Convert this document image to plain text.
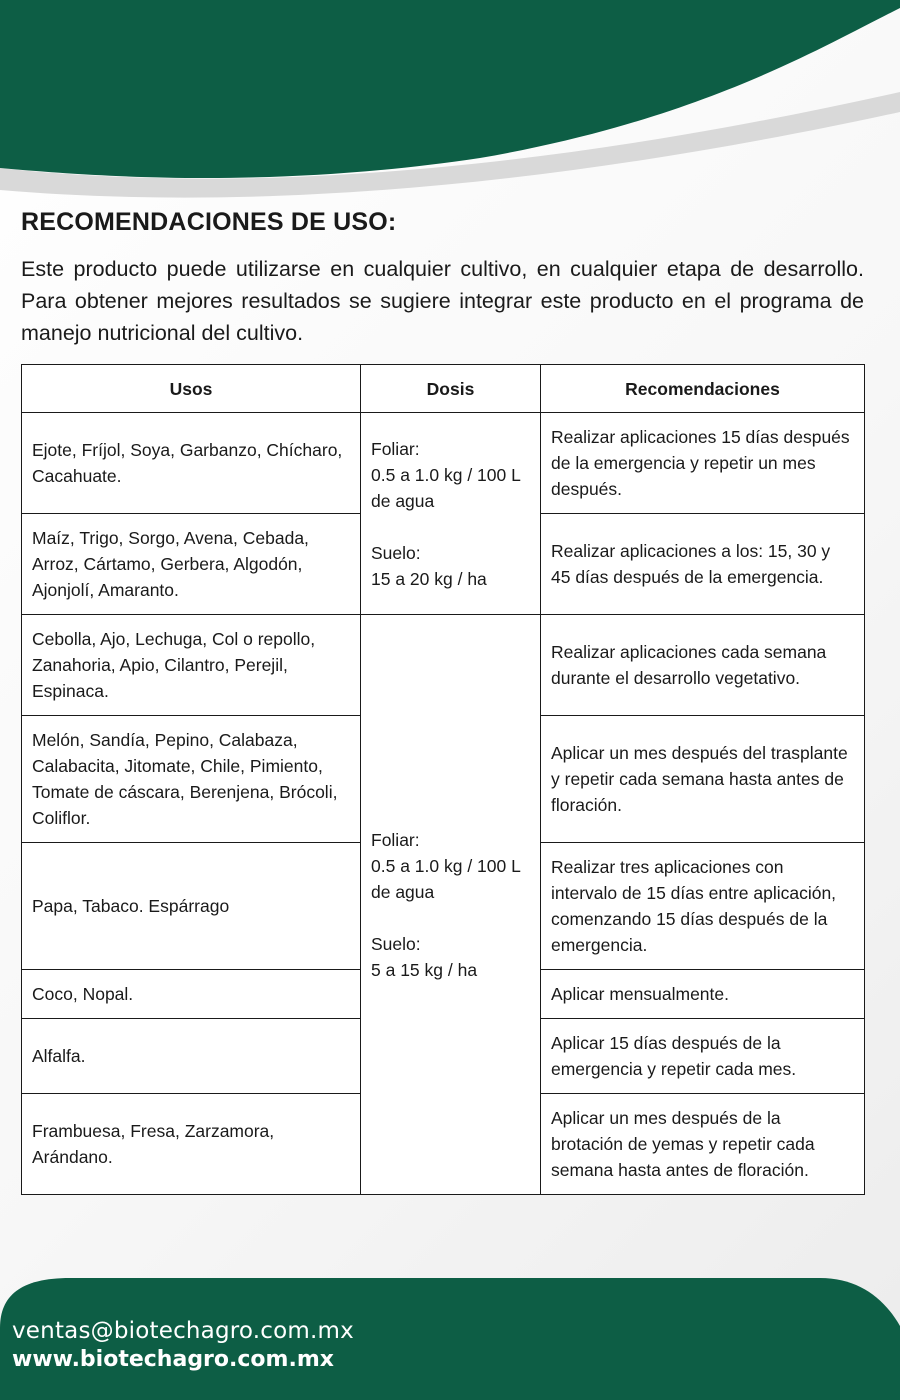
RECOMENDACIONES DE USO:

Este producto puede utilizarse en cualquier cultivo, en cualquier etapa de desarrollo. Para obtener mejores resultados se sugiere integrar este producto en el programa de manejo nutricional del cultivo.

Usos	Dosis	Recomendaciones
Ejote, Fríjol, Soya, Garbanzo, Chícharo, Cacahuate.	Foliar:
0.5 a 1.0 kg / 100 L de agua
Suelo:
15 a 20 kg / ha	Realizar aplicaciones 15 días después de la emergencia y repetir un mes después.
Maíz, Trigo, Sorgo, Avena, Cebada, Arroz, Cártamo, Gerbera, Algodón, Ajonjolí, Amaranto.		Realizar aplicaciones a los: 15, 30 y 45 días después de la emergencia.
Cebolla, Ajo, Lechuga, Col o repollo, Zanahoria, Apio, Cilantro, Perejil, Espinaca.	Foliar:
0.5 a 1.0 kg / 100 L de agua
Suelo:
5 a 15 kg / ha	Realizar aplicaciones cada semana durante el desarrollo vegetativo.
Melón, Sandía, Pepino, Calabaza, Calabacita, Jitomate, Chile, Pimiento, Tomate de cáscara, Berenjena, Brócoli, Coliflor.		Aplicar un mes después del trasplante y repetir cada semana hasta antes de floración.
Papa, Tabaco. Espárrago		Realizar tres aplicaciones con intervalo de 15 días entre aplicación, comenzando 15 días después de la emergencia.
Coco, Nopal.		Aplicar mensualmente.
Alfalfa.		Aplicar 15 días después de la emergencia y repetir cada mes.
Frambuesa, Fresa, Zarzamora, Arándano.		Aplicar un mes después de la brotación de yemas y repetir cada semana hasta antes de floración.
ventas@biotechagro.com.mx
www.biotechagro.com.mx
